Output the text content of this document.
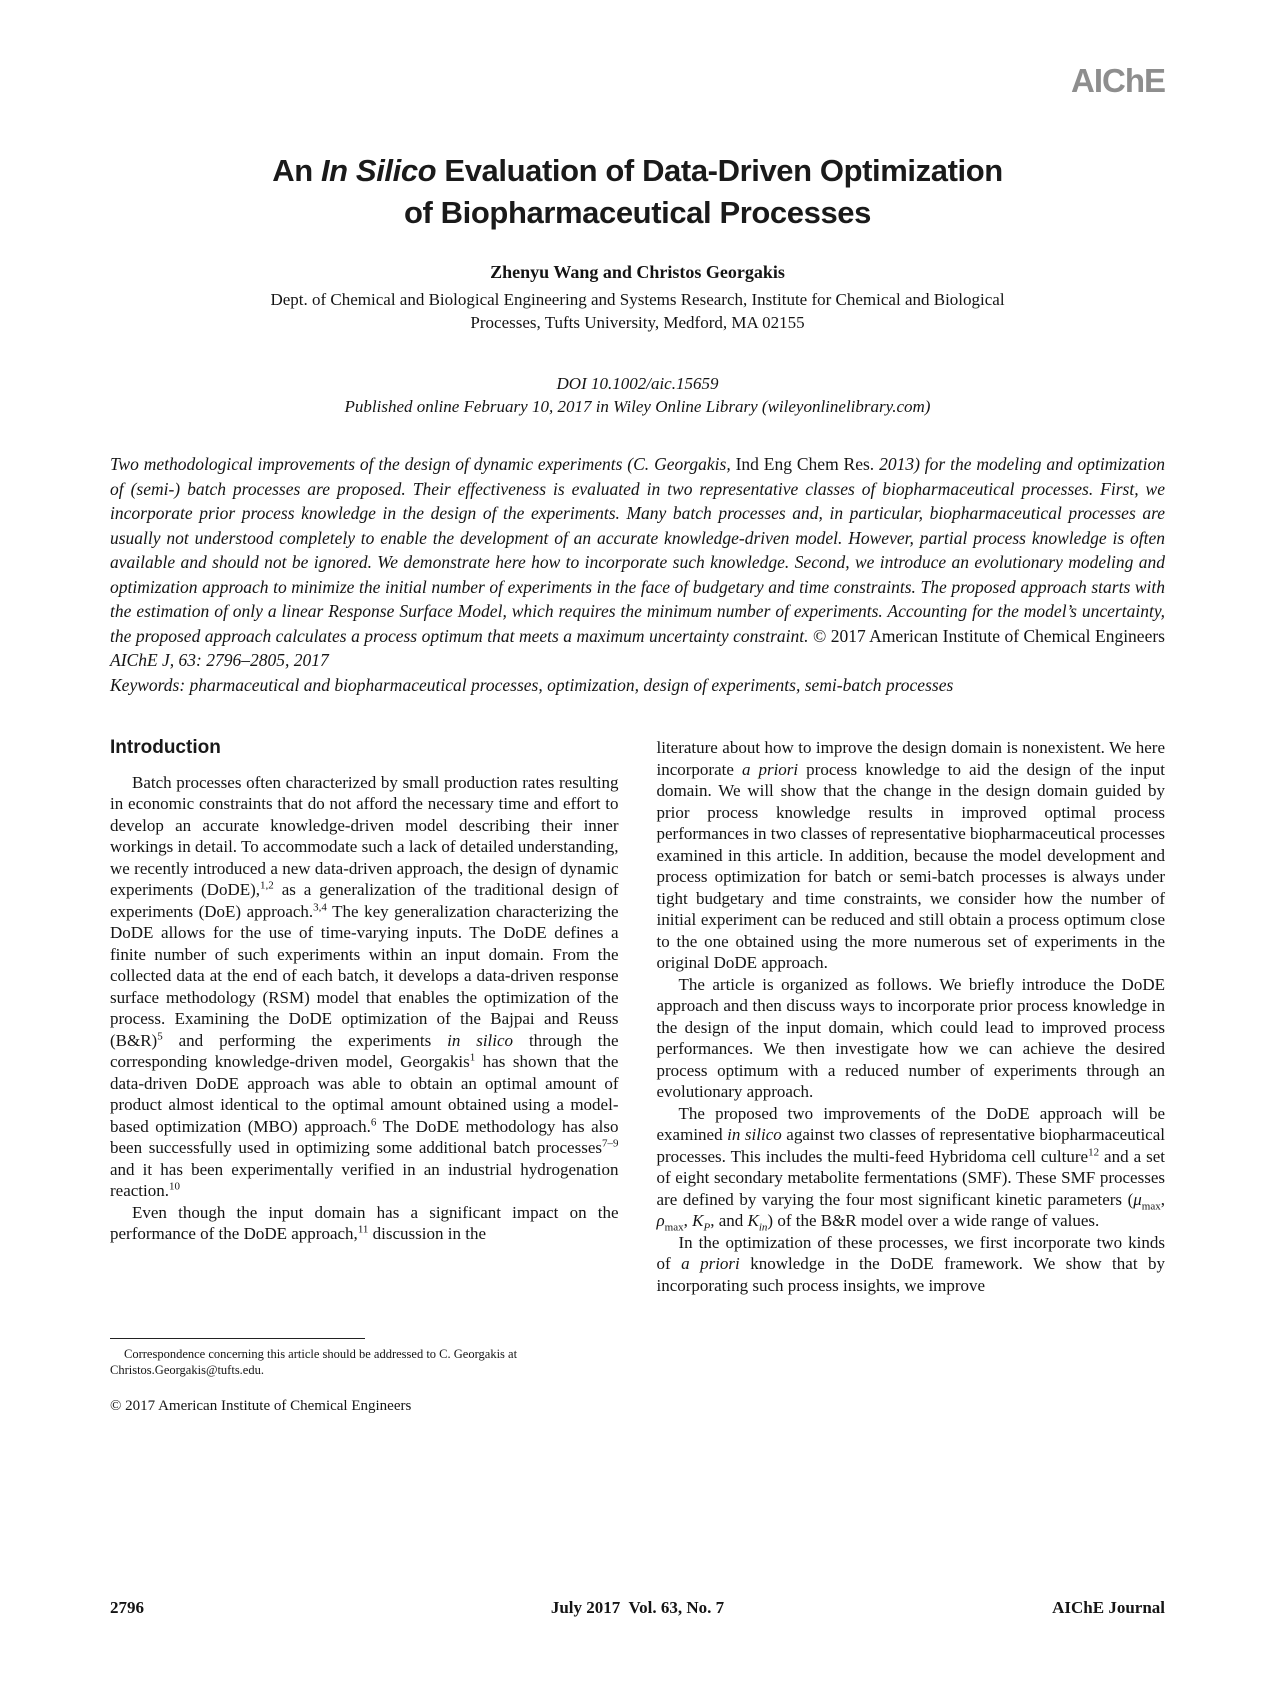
AIChE
An In Silico Evaluation of Data-Driven Optimization
of Biopharmaceutical Processes
Zhenyu Wang and Christos Georgakis
Dept. of Chemical and Biological Engineering and Systems Research, Institute for Chemical and Biological
Processes, Tufts University, Medford, MA 02155
DOI 10.1002/aic.15659
Published online February 10, 2017 in Wiley Online Library (wileyonlinelibrary.com)
Two methodological improvements of the design of dynamic experiments (C. Georgakis, Ind Eng Chem Res. 2013) for the modeling and optimization of (semi-) batch processes are proposed. Their effectiveness is evaluated in two representative classes of biopharmaceutical processes. First, we incorporate prior process knowledge in the design of the experiments. Many batch processes and, in particular, biopharmaceutical processes are usually not understood completely to enable the development of an accurate knowledge-driven model. However, partial process knowledge is often available and should not be ignored. We demonstrate here how to incorporate such knowledge. Second, we introduce an evolutionary modeling and optimization approach to minimize the initial number of experiments in the face of budgetary and time constraints. The proposed approach starts with the estimation of only a linear Response Surface Model, which requires the minimum number of experiments. Accounting for the model’s uncertainty, the proposed approach calculates a process optimum that meets a maximum uncertainty constraint. © 2017 American Institute of Chemical Engineers AIChE J, 63: 2796–2805, 2017
Keywords: pharmaceutical and biopharmaceutical processes, optimization, design of experiments, semi-batch processes
Introduction

Batch processes often characterized by small production rates resulting in economic constraints that do not afford the necessary time and effort to develop an accurate knowledge-driven model describing their inner workings in detail. To accommodate such a lack of detailed understanding, we recently introduced a new data-driven approach, the design of dynamic experiments (DoDE),$^{1,2}$ as a generalization of the traditional design of experiments (DoE) approach.$^{3,4}$ The key generalization characterizing the DoDE allows for the use of time-varying inputs. The DoDE defines a finite number of such experiments within an input domain. From the collected data at the end of each batch, it develops a data-driven response surface methodology (RSM) model that enables the optimization of the process. Examining the DoDE optimization of the Bajpai and Reuss (B&R)$^5$ and performing the experiments in silico through the corresponding knowledge-driven model, Georgakis$^1$ has shown that the data-driven DoDE approach was able to obtain an optimal amount of product almost identical to the optimal amount obtained using a model-based optimization (MBO) approach.$^6$ The DoDE methodology has also been successfully used in optimizing some additional batch processes$^{7-9}$ and it has been experimentally verified in an industrial hydrogenation reaction.$^{10}$

Even though the input domain has a significant impact on the performance of the DoDE approach,$^{11}$ discussion in the

Correspondence concerning this article should be addressed to C. Georgakis at Christos.Georgakis@tufts.edu.

© 2017 American Institute of Chemical Engineers

literature about how to improve the design domain is nonexistent. We here incorporate a priori process knowledge to aid the design of the input domain. We will show that the change in the design domain guided by prior process knowledge results in improved optimal process performances in two classes of representative biopharmaceutical processes examined in this article. In addition, because the model development and process optimization for batch or semi-batch processes is always under tight budgetary and time constraints, we consider how the number of initial experiment can be reduced and still obtain a process optimum close to the one obtained using the more numerous set of experiments in the original DoDE approach.

The article is organized as follows. We briefly introduce the DoDE approach and then discuss ways to incorporate prior process knowledge in the design of the input domain, which could lead to improved process performances. We then investigate how we can achieve the desired process optimum with a reduced number of experiments through an evolutionary approach.

The proposed two improvements of the DoDE approach will be examined in silico against two classes of representative biopharmaceutical processes. This includes the multi-feed Hybridoma cell culture$^{12}$ and a set of eight secondary metabolite fermentations (SMF). These SMF processes are defined by varying the four most significant kinetic parameters ($\mu_{max}$, $\rho_{max}$, $K_P$, and $K_{in}$) of the B&R model over a wide range of values.

In the optimization of these processes, we first incorporate two kinds of a priori knowledge in the DoDE framework. We show that by incorporating such process insights, we improve

2796	July 2017  Vol. 63, No. 7	AIChE Journal
